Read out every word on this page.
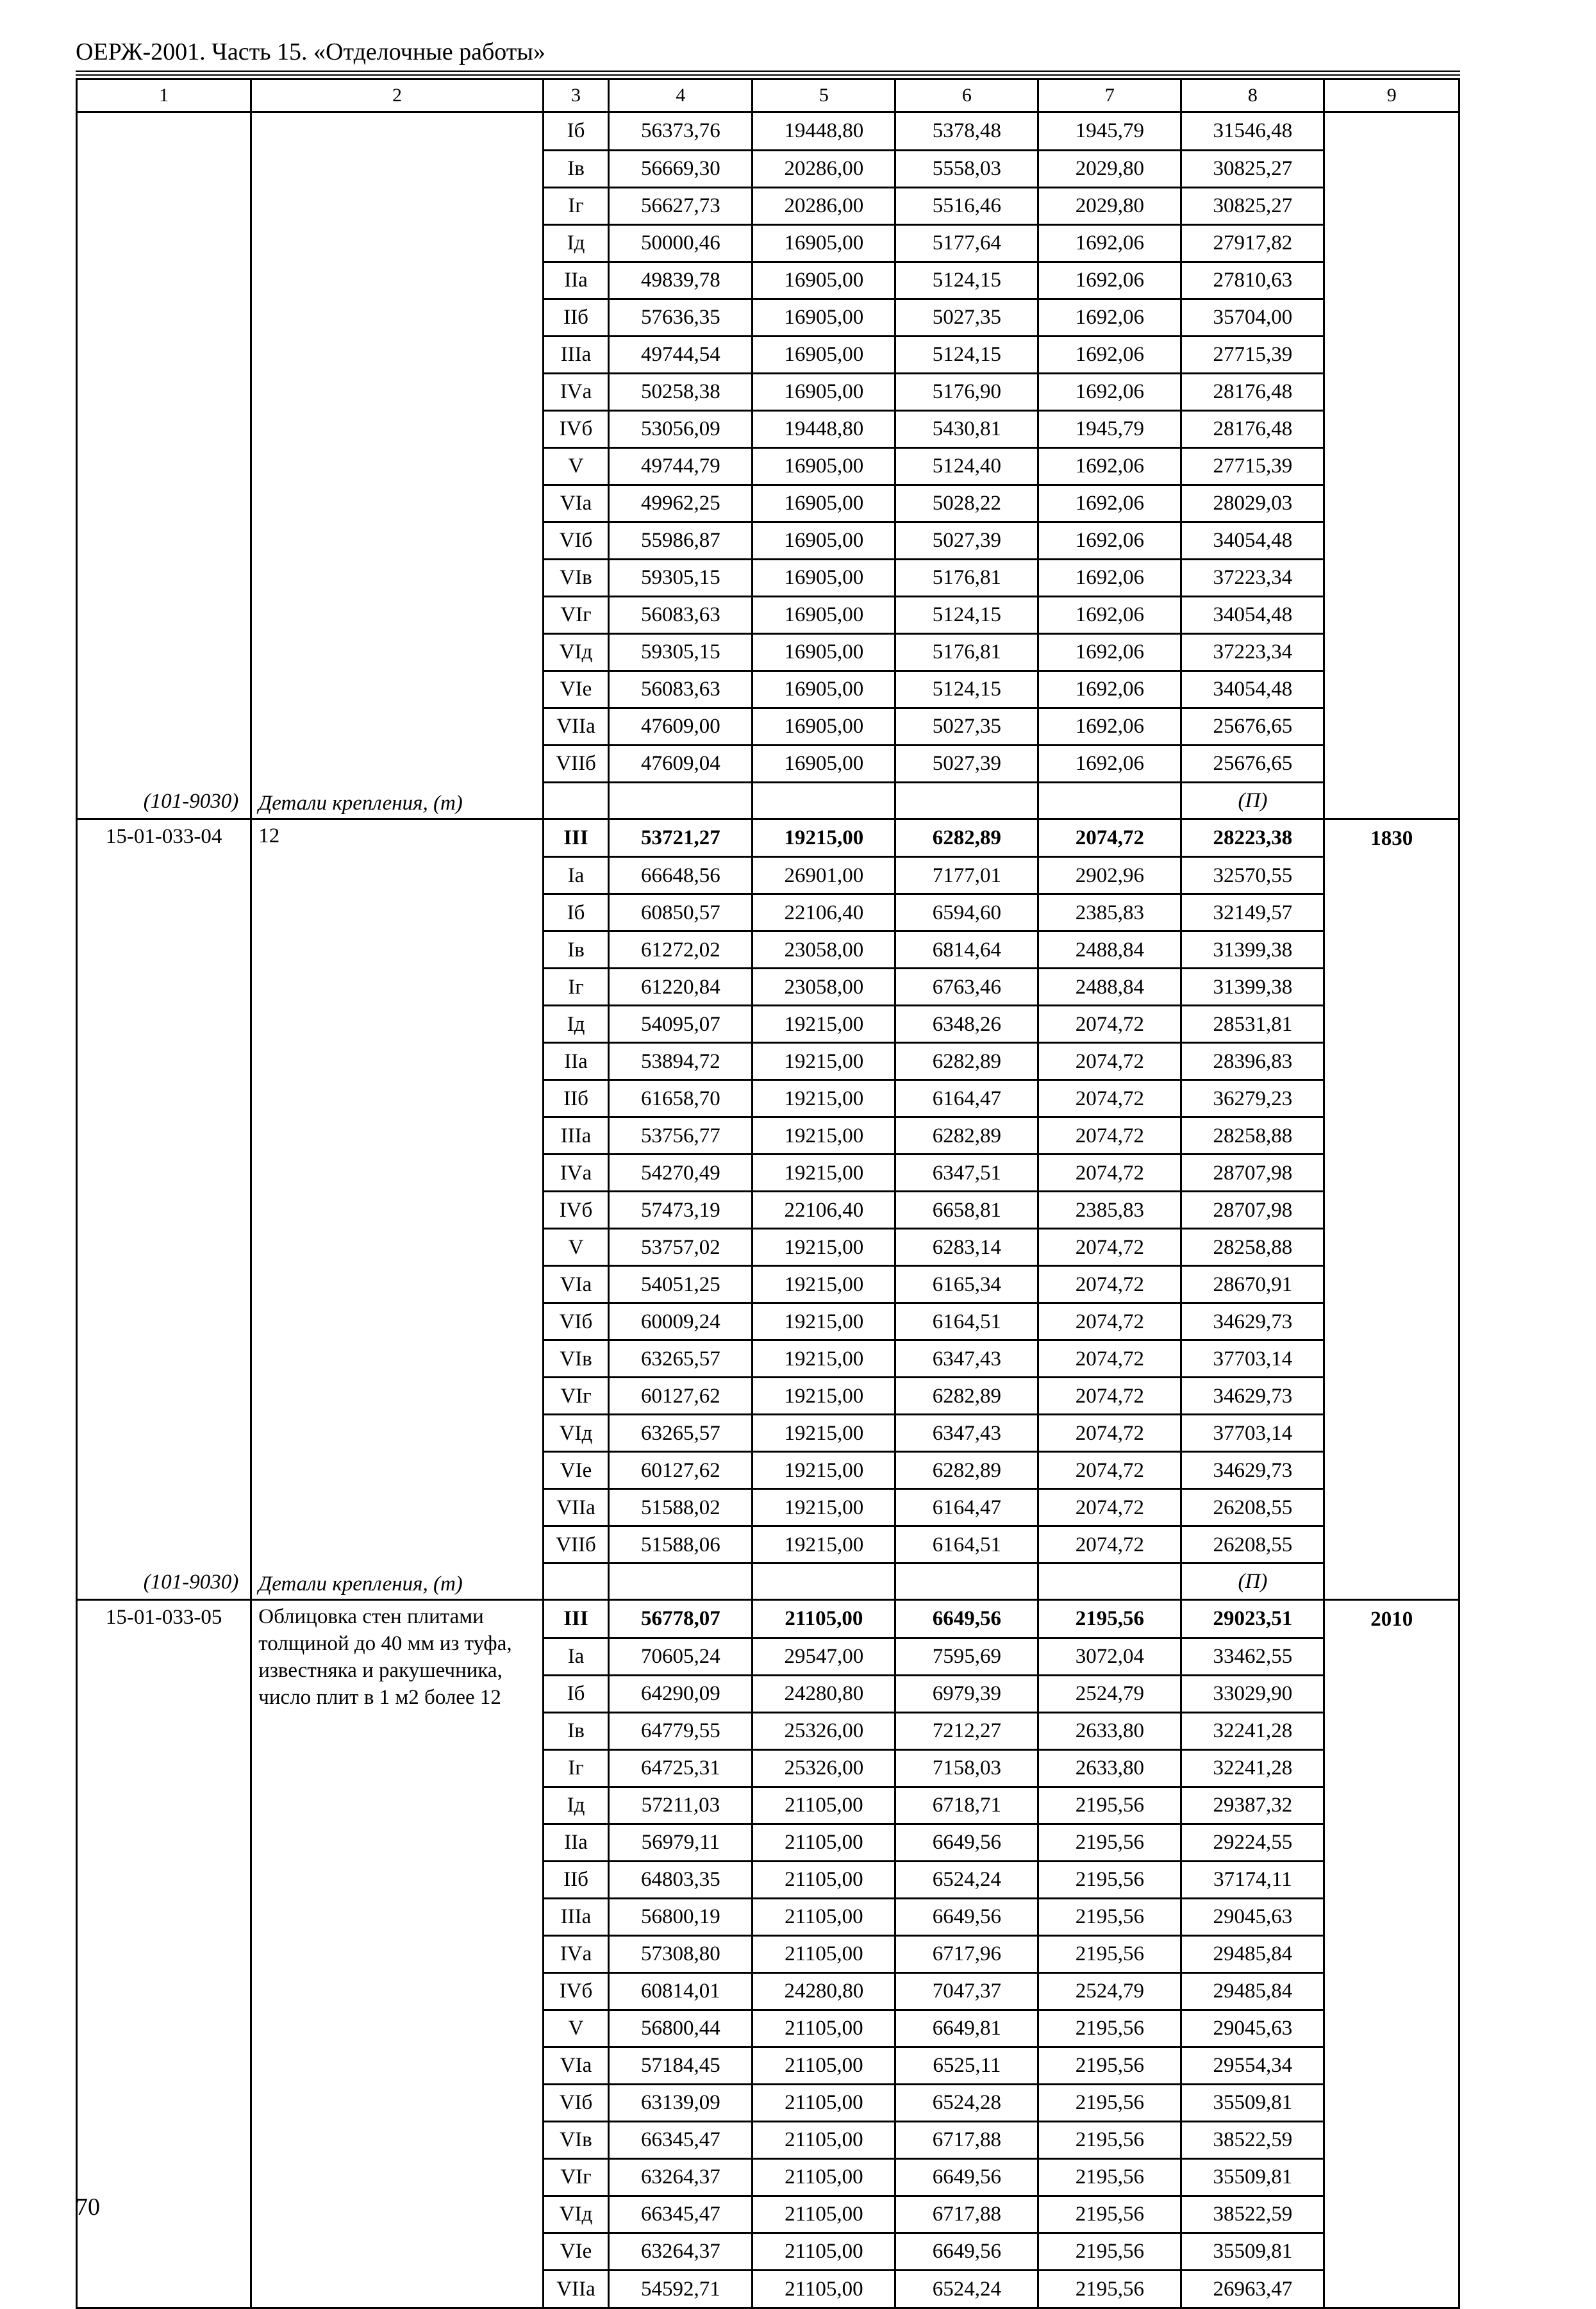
ОЕРЖ-2001. Часть 15. «Отделочные работы»
1	2	3	4	5	6	7	8	9
		Iб	56373,76	19448,80	5378,48	1945,79	31546,48	
		Iв	56669,30	20286,00	5558,03	2029,80	30825,27	
		Iг	56627,73	20286,00	5516,46	2029,80	30825,27	
		Iд	50000,46	16905,00	5177,64	1692,06	27917,82	
		IIа	49839,78	16905,00	5124,15	1692,06	27810,63	
		IIб	57636,35	16905,00	5027,35	1692,06	35704,00	
		IIIа	49744,54	16905,00	5124,15	1692,06	27715,39	
		IVа	50258,38	16905,00	5176,90	1692,06	28176,48	
		IVб	53056,09	19448,80	5430,81	1945,79	28176,48	
		V	49744,79	16905,00	5124,40	1692,06	27715,39	
		VIа	49962,25	16905,00	5028,22	1692,06	28029,03	
		VIб	55986,87	16905,00	5027,39	1692,06	34054,48	
		VIв	59305,15	16905,00	5176,81	1692,06	37223,34	
		VIг	56083,63	16905,00	5124,15	1692,06	34054,48	
		VIд	59305,15	16905,00	5176,81	1692,06	37223,34	
		VIе	56083,63	16905,00	5124,15	1692,06	34054,48	
		VIIа	47609,00	16905,00	5027,35	1692,06	25676,65	
		VIIб	47609,04	16905,00	5027,39	1692,06	25676,65	
(101-9030)	Детали крепления, (т)						(П)	
15-01-033-04	12	III	53721,27	19215,00	6282,89	2074,72	28223,38	1830
		Iа	66648,56	26901,00	7177,01	2902,96	32570,55	
		Iб	60850,57	22106,40	6594,60	2385,83	32149,57	
		Iв	61272,02	23058,00	6814,64	2488,84	31399,38	
		Iг	61220,84	23058,00	6763,46	2488,84	31399,38	
		Iд	54095,07	19215,00	6348,26	2074,72	28531,81	
		IIа	53894,72	19215,00	6282,89	2074,72	28396,83	
		IIб	61658,70	19215,00	6164,47	2074,72	36279,23	
		IIIа	53756,77	19215,00	6282,89	2074,72	28258,88	
		IVа	54270,49	19215,00	6347,51	2074,72	28707,98	
		IVб	57473,19	22106,40	6658,81	2385,83	28707,98	
		V	53757,02	19215,00	6283,14	2074,72	28258,88	
		VIа	54051,25	19215,00	6165,34	2074,72	28670,91	
		VIб	60009,24	19215,00	6164,51	2074,72	34629,73	
		VIв	63265,57	19215,00	6347,43	2074,72	37703,14	
		VIг	60127,62	19215,00	6282,89	2074,72	34629,73	
		VIд	63265,57	19215,00	6347,43	2074,72	37703,14	
		VIе	60127,62	19215,00	6282,89	2074,72	34629,73	
		VIIа	51588,02	19215,00	6164,47	2074,72	26208,55	
		VIIб	51588,06	19215,00	6164,51	2074,72	26208,55	
(101-9030)	Детали крепления, (т)						(П)	
15-01-033-05	Облицовка стен плитами толщиной до 40 мм из туфа, известняка и ракушечника, число плит в 1 м2 более 12	III	56778,07	21105,00	6649,56	2195,56	29023,51	2010
		Iа	70605,24	29547,00	7595,69	3072,04	33462,55	
		Iб	64290,09	24280,80	6979,39	2524,79	33029,90	
		Iв	64779,55	25326,00	7212,27	2633,80	32241,28	
		Iг	64725,31	25326,00	7158,03	2633,80	32241,28	
		Iд	57211,03	21105,00	6718,71	2195,56	29387,32	
		IIа	56979,11	21105,00	6649,56	2195,56	29224,55	
		IIб	64803,35	21105,00	6524,24	2195,56	37174,11	
		IIIа	56800,19	21105,00	6649,56	2195,56	29045,63	
		IVа	57308,80	21105,00	6717,96	2195,56	29485,84	
		IVб	60814,01	24280,80	7047,37	2524,79	29485,84	
		V	56800,44	21105,00	6649,81	2195,56	29045,63	
		VIа	57184,45	21105,00	6525,11	2195,56	29554,34	
		VIб	63139,09	21105,00	6524,28	2195,56	35509,81	
		VIв	66345,47	21105,00	6717,88	2195,56	38522,59	
		VIг	63264,37	21105,00	6649,56	2195,56	35509,81	
		VIд	66345,47	21105,00	6717,88	2195,56	38522,59	
		VIе	63264,37	21105,00	6649,56	2195,56	35509,81	
		VIIа	54592,71	21105,00	6524,24	2195,56	26963,47	
70
